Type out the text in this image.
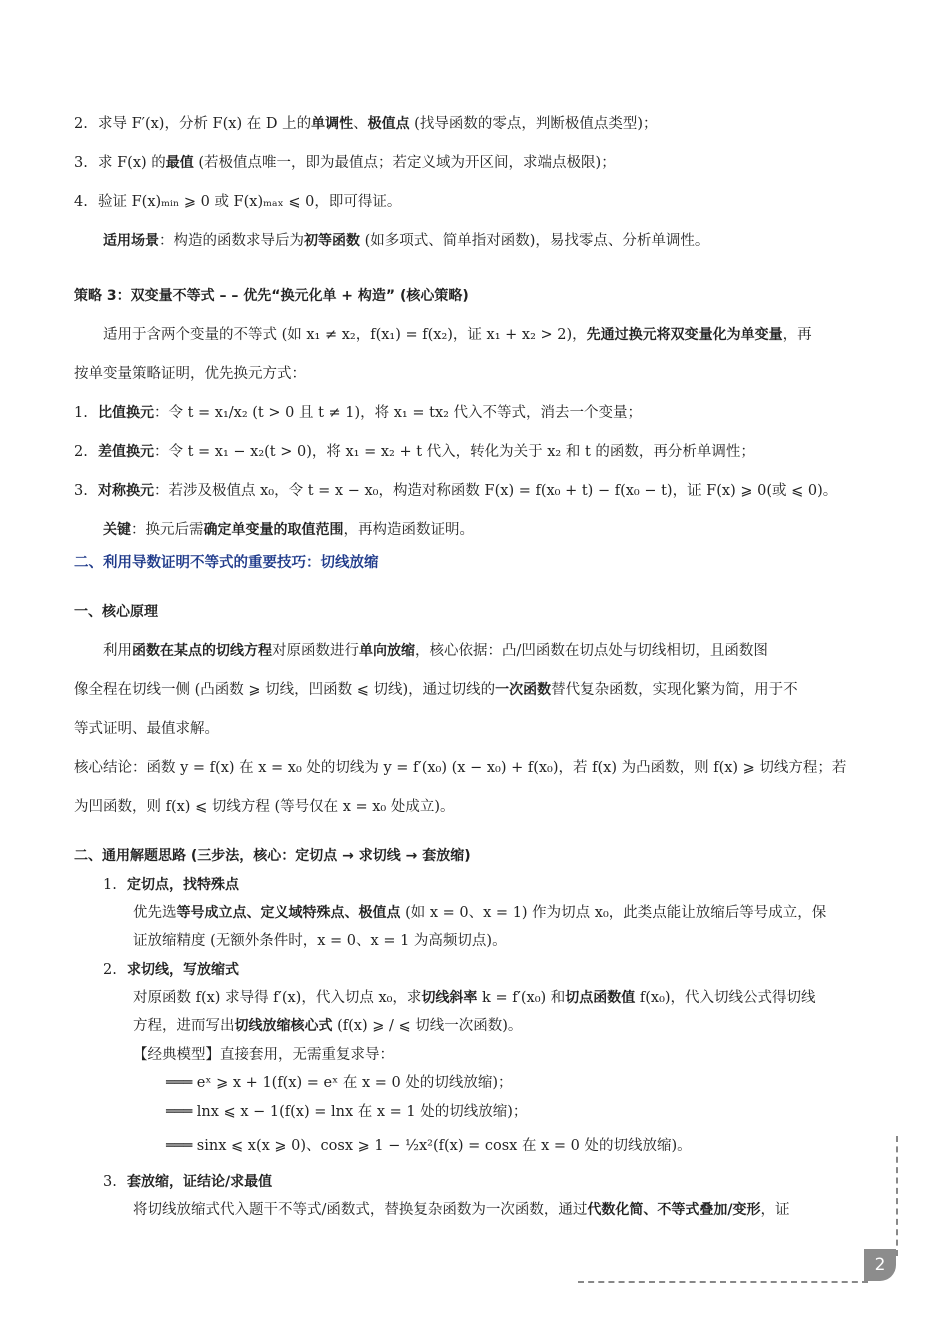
2. 求导 F′(x)，分析 F(x) 在 D 上的单调性、极值点 (找导函数的零点，判断极值点类型)；
3. 求 F(x) 的最值 (若极值点唯一，即为最值点；若定义域为开区间，求端点极限)；
4. 验证 F(x)ₘᵢₙ ⩾ 0 或 F(x)ₘₐₓ ⩽ 0，即可得证。
适用场景：构造的函数求导后为初等函数 (如多项式、简单指对函数)，易找零点、分析单调性。
策略 3：双变量不等式 – – 优先“换元化单 + 构造” (核心策略)
适用于含两个变量的不等式 (如 x₁ ≠ x₂，f(x₁) = f(x₂)，证 x₁ + x₂ > 2)，先通过换元将双变量化为单变量，再
按单变量策略证明，优先换元方式：
1. 比值换元：令 t = x₁/x₂ (t > 0 且 t ≠ 1)，将 x₁ = tx₂ 代入不等式，消去一个变量；
2. 差值换元：令 t = x₁ − x₂(t > 0)，将 x₁ = x₂ + t 代入，转化为关于 x₂ 和 t 的函数，再分析单调性；
3. 对称换元：若涉及极值点 x₀，令 t = x − x₀，构造对称函数 F(x) = f(x₀ + t) − f(x₀ − t)，证 F(x) ⩾ 0(或 ⩽ 0)。
关键：换元后需确定单变量的取值范围，再构造函数证明。
二、利用导数证明不等式的重要技巧：切线放缩
一、核心原理
利用函数在某点的切线方程对原函数进行单向放缩，核心依据：凸/凹函数在切点处与切线相切，且函数图
像全程在切线一侧 (凸函数 ⩾ 切线，凹函数 ⩽ 切线)，通过切线的一次函数替代复杂函数，实现化繁为简，用于不
等式证明、最值求解。
核心结论：函数 y = f(x) 在 x = x₀ 处的切线为 y = f′(x₀) (x − x₀) + f(x₀)，若 f(x) 为凸函数，则 f(x) ⩾ 切线方程；若
为凹函数，则 f(x) ⩽ 切线方程 (等号仅在 x = x₀ 处成立)。
二、通用解题思路 (三步法，核心：定切点 → 求切线 → 套放缩)
1. 定切点，找特殊点
优先选等号成立点、定义域特殊点、极值点 (如 x = 0、x = 1) 作为切点 x₀，此类点能让放缩后等号成立，保
证放缩精度 (无额外条件时，x = 0、x = 1 为高频切点)。
2. 求切线，写放缩式
对原函数 f(x) 求导得 f′(x)，代入切点 x₀，求切线斜率 k = f′(x₀) 和切点函数值 f(x₀)，代入切线公式得切线
方程，进而写出切线放缩核心式 (f(x) ⩾ / ⩽ 切线一次函数)。
【经典模型】直接套用，无需重复求导：
═══ eˣ ⩾ x + 1(f(x) = eˣ 在 x = 0 处的切线放缩)；
═══ lnx ⩽ x − 1(f(x) = lnx 在 x = 1 处的切线放缩)；
═══ sinx ⩽ x(x ⩾ 0)、cosx ⩾ 1 − ½x²(f(x) = cosx 在 x = 0 处的切线放缩)。
3. 套放缩，证结论/求最值
将切线放缩式代入题干不等式/函数式，替换复杂函数为一次函数，通过代数化简、不等式叠加/变形，证
2
